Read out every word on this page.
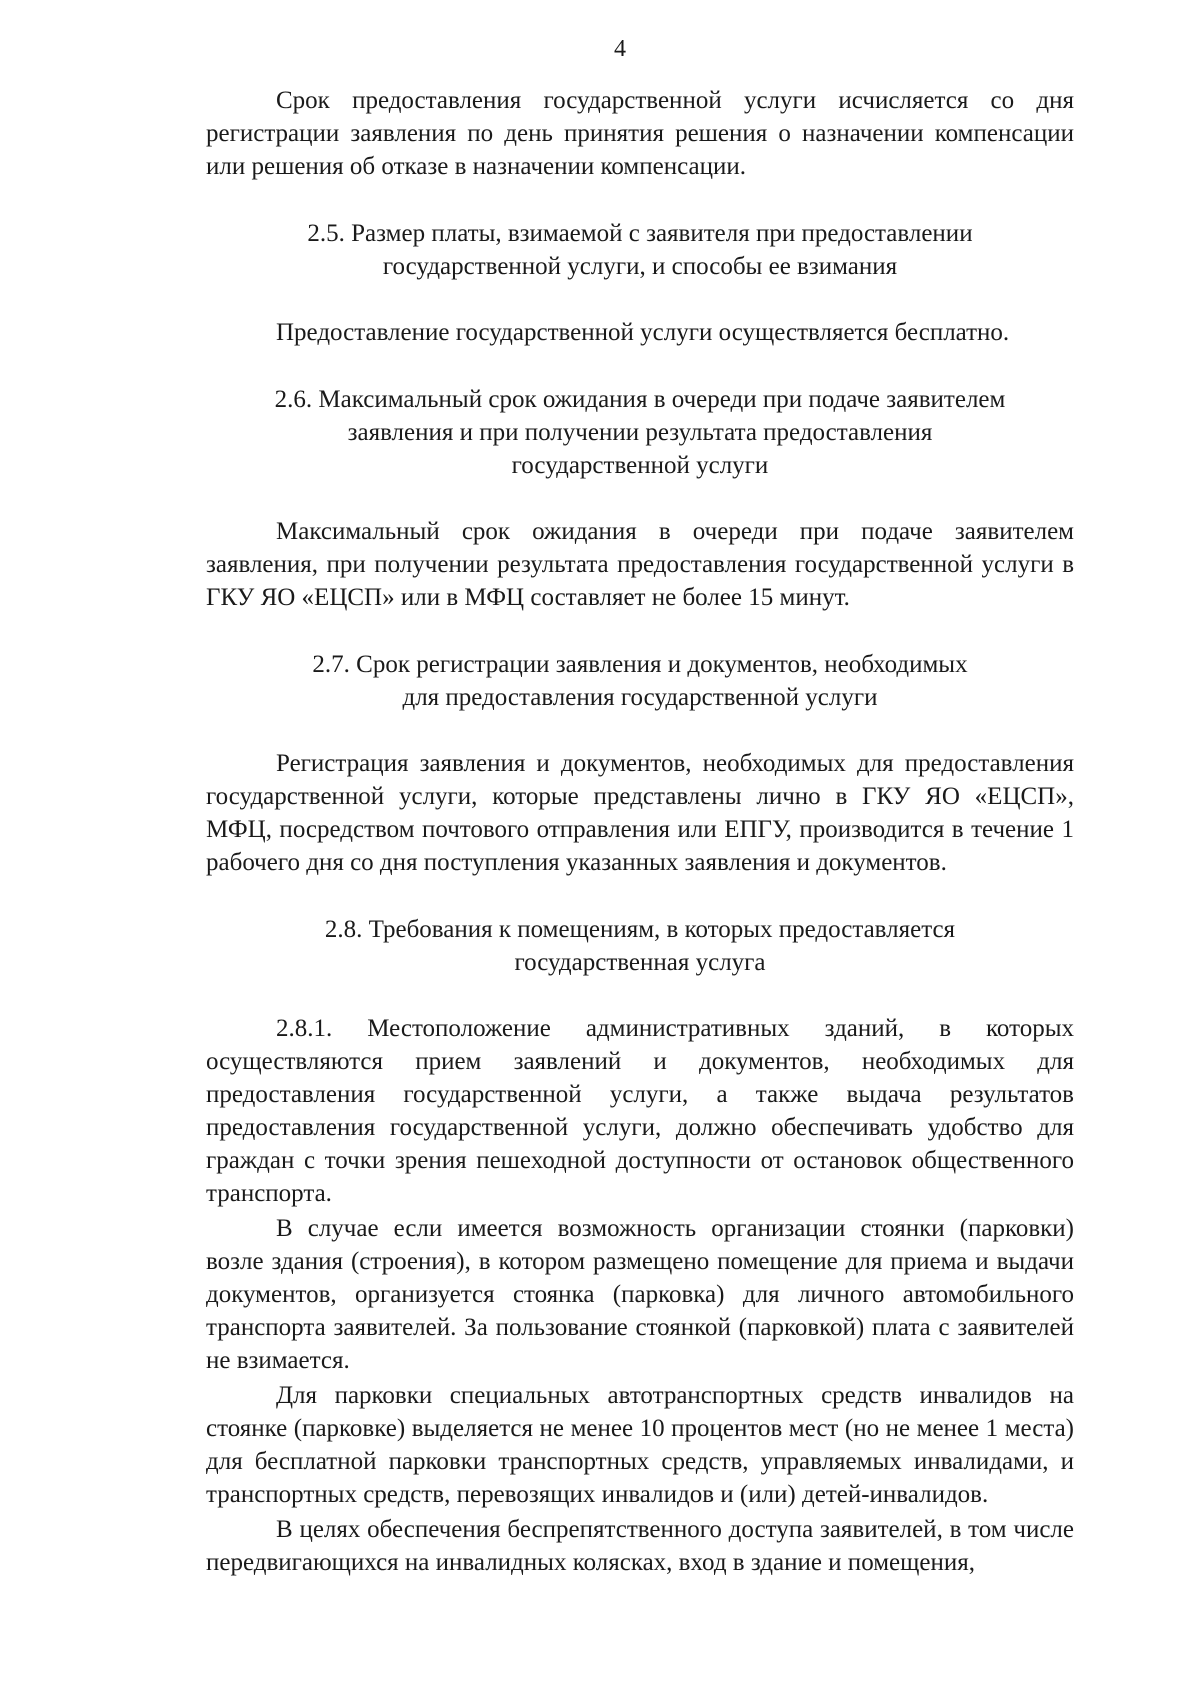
4

Срок предоставления государственной услуги исчисляется со дня регистрации заявления по день принятия решения о назначении компенсации или решения об отказе в назначении компенсации.

2.5. Размер платы, взимаемой с заявителя при предоставлении
государственной услуги, и способы ее взимания

Предоставление государственной услуги осуществляется бесплатно.

2.6. Максимальный срок ожидания в очереди при подаче заявителем
заявления и при получении результата предоставления
государственной услуги

Максимальный срок ожидания в очереди при подаче заявителем заявления, при получении результата предоставления государственной услуги в ГКУ ЯО «ЕЦСП» или в МФЦ составляет не более 15 минут.

2.7. Срок регистрации заявления и документов, необходимых
для предоставления государственной услуги

Регистрация заявления и документов, необходимых для предоставления государственной услуги, которые представлены лично в ГКУ ЯО «ЕЦСП», МФЦ, посредством почтового отправления или ЕПГУ, производится в течение 1 рабочего дня со дня поступления указанных заявления и документов.

2.8. Требования к помещениям, в которых предоставляется
государственная услуга

2.8.1. Местоположение административных зданий, в которых осуществляются прием заявлений и документов, необходимых для предоставления государственной услуги, а также выдача результатов предоставления государственной услуги, должно обеспечивать удобство для граждан с точки зрения пешеходной доступности от остановок общественного транспорта.

В случае если имеется возможность организации стоянки (парковки) возле здания (строения), в котором размещено помещение для приема и выдачи документов, организуется стоянка (парковка) для личного автомобильного транспорта заявителей. За пользование стоянкой (парковкой) плата с заявителей не взимается.

Для парковки специальных автотранспортных средств инвалидов на стоянке (парковке) выделяется не менее 10 процентов мест (но не менее 1 места) для бесплатной парковки транспортных средств, управляемых инвалидами, и транспортных средств, перевозящих инвалидов и (или) детей-инвалидов.

В целях обеспечения беспрепятственного доступа заявителей, в том числе передвигающихся на инвалидных колясках, вход в здание и помещения,
